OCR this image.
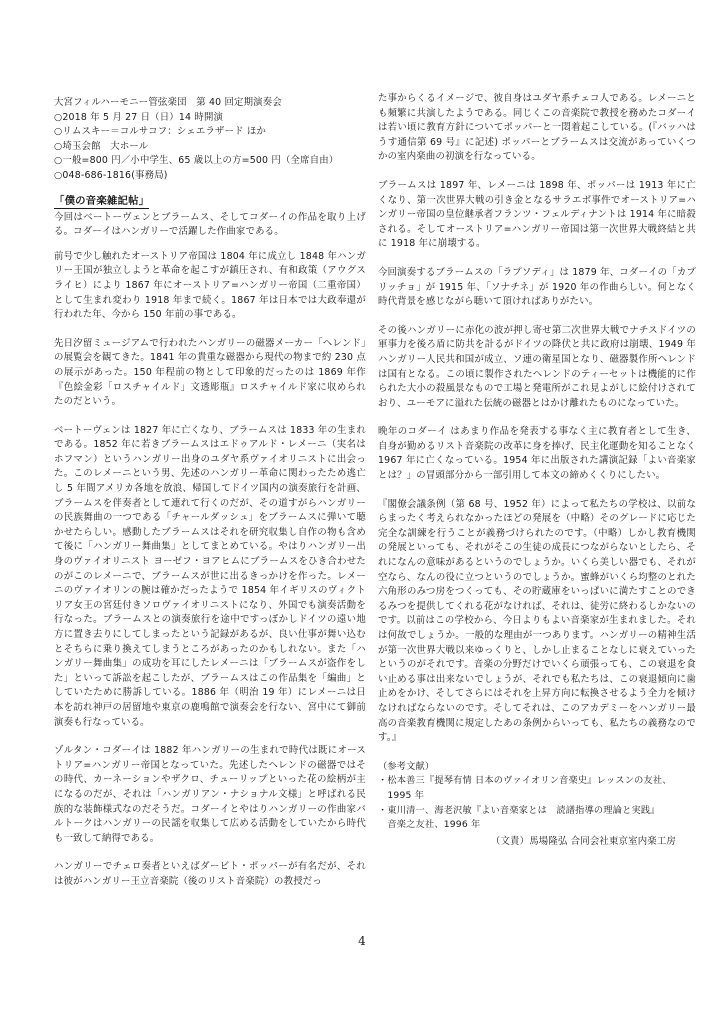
大宮フィルハーモニー管弦楽団　第 40 回定期演奏会

○2018 年 5 月 27 日（日）14 時開演

○リムスキー＝コルサコフ：シェエラザード ほか

○埼玉会館　大ホール

○一般=800 円／小中学生、65 歳以上の方=500 円（全席自由）

○048-686-1816(事務局)

「僕の音楽雑記帖」

今回はベートーヴェンとブラームス、そしてコダーイの作品を取り上げる。コダーイはハンガリーで活躍した作曲家である。

前号で少し触れたオーストリア帝国は 1804 年に成立し 1848 年ハンガリー王国が独立しようと革命を起こすが鎮圧され、有和政策（アウグスライヒ）により 1867 年にオーストリア=ハンガリー帝国（二重帝国）として生まれ変わり 1918 年まで続く。1867 年は日本では大政奉還が行われた年、今から 150 年前の事である。

先日汐留ミュージアムで行われたハンガリーの磁器メーカー「ヘレンド」の展覧会を観てきた。1841 年の貴重な磁器から現代の物まで約 230 点の展示があった。150 年程前の物として印象的だったのは 1869 年作『色絵金彩「ロスチャイルド」文透彫瓶』ロスチャイルド家に収められたのだという。

ベートーヴェンは 1827 年に亡くなり、ブラームスは 1833 年の生まれである。1852 年に若きブラームスはエドゥアルド・レメーニ（実名はホフマン）というハンガリー出身のユダヤ系ヴァイオリニストに出会った。このレメーニという男、先述のハンガリー革命に関わったため逃亡し 5 年間アメリカ各地を放浪、帰国してドイツ国内の演奏旅行を計画、ブラームスを伴奏者として連れて行くのだが、その道すがらハンガリーの民族舞曲の一つである「チャールダッシュ」をブラームスに弾いて聴かせたらしい。感動したブラームスはそれを研究収集し自作の物も含めて後に「ハンガリー舞曲集」としてまとめている。やはりハンガリー出身のヴァイオリニスト ヨーゼフ・ヨアヒムにブラームスをひき合わせたのがこのレメーニで、ブラームスが世に出るきっかけを作った。レメーニのヴァイオリンの腕は確かだったようで 1854 年イギリスのヴィクトリア女王の宮廷付きソロヴァイオリニストになり、外国でも演奏活動を行なった。ブラームスとの演奏旅行を途中ですっぽかしドイツの遠い地方に置き去りにしてしまったという記録があるが、良い仕事が舞い込むとそちらに乗り換えてしまうところがあったのかもしれない。また「ハンガリー舞曲集」の成功を耳にしたレメーニは「ブラームスが盗作をした」といって訴訟を起こしたが、ブラームスはこの作品集を「編曲」としていたために勝訴している。1886 年（明治 19 年）にレメーニは日本を訪れ神戸の居留地や東京の鹿鳴館で演奏会を行ない、宮中にて御前演奏も行なっている。

ゾルタン・コダーイは 1882 年ハンガリーの生まれで時代は既にオーストリア=ハンガリー帝国となっていた。先述したヘレンドの磁器ではその時代、カーネーションやザクロ、チューリップといった花の絵柄が主になるのだが、それは「ハンガリアン・ナショナル文様」と呼ばれる民族的な装飾様式なのだそうだ。コダーイとやはりハンガリーの作曲家バルトークはハンガリーの民謡を収集して広める活動をしていたから時代も一致して納得である。

ハンガリーでチェロ奏者といえばダービト・ポッパーが有名だが、それは彼がハンガリー王立音楽院（後のリスト音楽院）の教授だっ

た事からくるイメージで、彼自身はユダヤ系チェコ人である。レメーニとも頻繁に共演したようである。同じくこの音楽院で教授を務めたコダーイは若い頃に教育方針についてポッパーと一悶着起こしている。(『バッハはうす通信第 69 号』に記述) ポッパーとブラームスは交流があっていくつかの室内楽曲の初演を行なっている。

ブラームスは 1897 年、レメーニは 1898 年、ポッパーは 1913 年に亡くなり、第一次世界大戦の引き金となるサラエボ事件でオーストリア=ハンガリー帝国の皇位継承者フランツ・フェルディナントは 1914 年に暗殺される。そしてオーストリア=ハンガリー帝国は第一次世界大戦終結と共に 1918 年に崩壊する。

今回演奏するブラームスの「ラプソディ」は 1879 年、コダーイの「カプリッチョ」が 1915 年、「ソナチネ」が 1920 年の作曲らしい。何となく時代背景を感じながら聴いて頂ければありがたい。

その後ハンガリーに赤化の波が押し寄せ第二次世界大戦でナチスドイツの軍事力を後ろ盾に防共を計るがドイツの降伏と共に政府は崩壊、1949 年ハンガリー人民共和国が成立、ソ連の衛星国となり、磁器製作所ヘレンドは国有となる。この頃に製作されたヘレンドのティーセットは機能的に作られた大小の殺風景なもので工場と発電所がこれ見よがしに絵付けされており、ユーモアに溢れた伝統の磁器とはかけ離れたものになっていた。

晩年のコダーイ はあまり作品を発表する事なく主に教育者として生き、自身が勤めるリスト音楽院の改革に身を捧げ、民主化運動を知ることなく 1967 年に亡くなっている。1954 年に出版された講演記録「よい音楽家とは？」の冒頭部分から一部引用して本文の締めくくりにしたい。

『閣僚会議条例（第 68 号、1952 年）によって私たちの学校は、以前ならまったく考えられなかったほどの発展を（中略）そのグレードに応じた完全な訓練を行うことが義務づけられたのです。（中略）しかし教育機関の発展といっても、それがそこの生徒の成長につながらないとしたら、それになんの意味があるというのでしょうか。いくら美しい器でも、それが空なら、なんの役に立つというのでしょうか。蜜蜂がいくら均整のとれた六角形のみつ房をつくっても、その貯蔵庫をいっぱいに満たすことのできるみつを提供してくれる花がなければ、それは、徒労に終わるしかないのです。以前はこの学校から、今日よりもよい音楽家が生まれました。それは何故でしょうか。一般的な理由が一つあります。ハンガリーの精神生活が第一次世界大戦以来ゆっくりと、しかし止まることなしに衰えていったというのがそれです。音楽の分野だけでいくら頑張っても、この衰退を食い止める事は出来ないでしょうが、それでも私たちは、この衰退傾向に歯止めをかけ、そしてさらにはそれを上昇方向に転換させるよう全力を傾けなければならないのです。そしてそれは、このアカデミーをハンガリー最高の音楽教育機関に規定したあの条例からいっても、私たちの義務なのです。』

（参考文献）
・松本善三『提琴有情 日本のヴァイオリン音楽史』レッスンの友社、
　1995 年
・東川清一、海老沢敏『よい音楽家とは　読譜指導の理論と実践』
　音楽之友社、1996 年
（文責）馬場隆弘 合同会社東京室内楽工房
4
